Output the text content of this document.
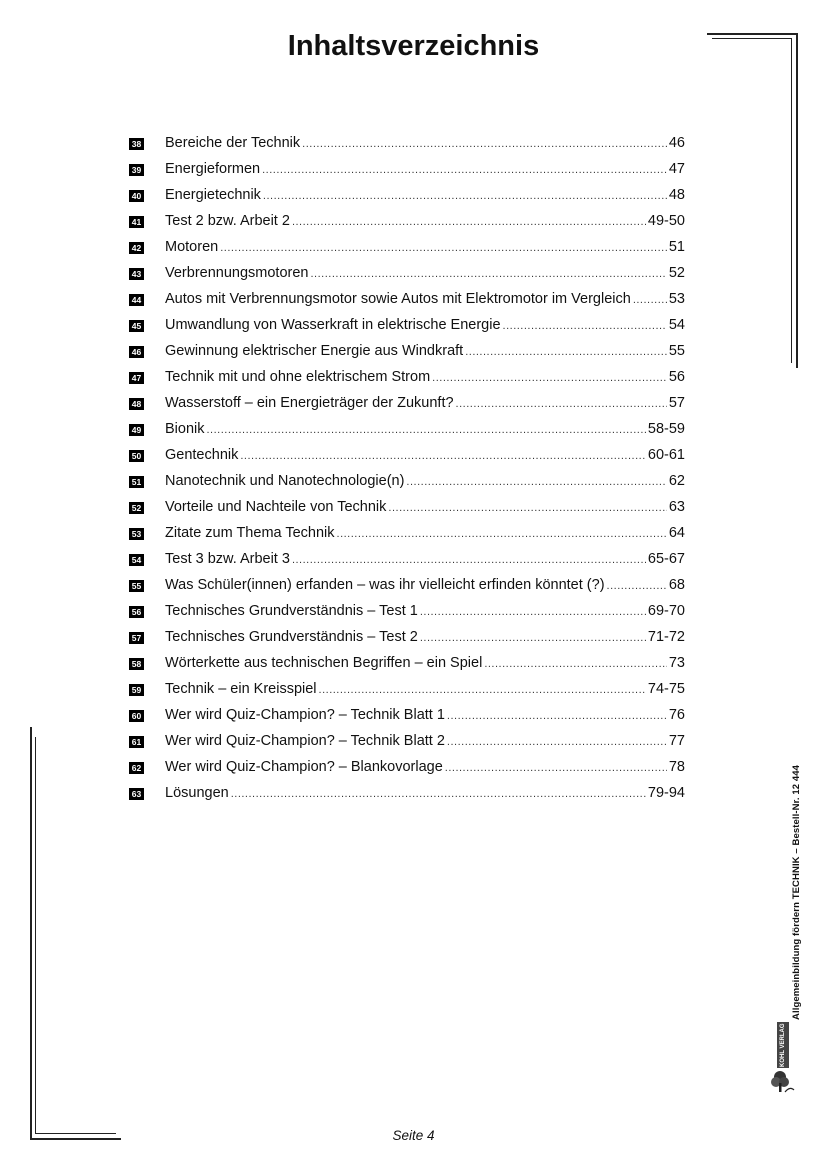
Inhaltsverzeichnis
38 Bereiche der Technik .....	46
39 Energieformen .....	47
40 Energietechnik .....	48
41 Test 2 bzw. Arbeit 2 .....	49-50
42 Motoren .....	51
43 Verbrennungsmotoren .....	52
44 Autos mit Verbrennungsmotor sowie Autos mit Elektromotor im Vergleich .....	53
45 Umwandlung von Wasserkraft in elektrische Energie .....	54
46 Gewinnung elektrischer Energie aus Windkraft .....	55
47 Technik mit und ohne elektrischem Strom .....	56
48 Wasserstoff – ein Energieträger der Zukunft? .....	57
49 Bionik .....	58-59
50 Gentechnik .....	60-61
51 Nanotechnik und Nanotechnologie(n) .....	62
52 Vorteile und Nachteile von Technik .....	63
53 Zitate zum Thema Technik .....	64
54 Test 3 bzw. Arbeit 3 .....	65-67
55 Was Schüler(innen) erfanden – was ihr vielleicht erfinden könntet (?) .....	68
56 Technisches Grundverständnis – Test 1 .....	69-70
57 Technisches Grundverständnis – Test 2 .....	71-72
58 Wörterkette aus technischen Begriffen – ein Spiel .....	73
59 Technik – ein Kreisspiel .....	74-75
60 Wer wird Quiz-Champion? – Technik Blatt 1 .....	76
61 Wer wird Quiz-Champion? – Technik Blatt 2 .....	77
62 Wer wird Quiz-Champion? – Blankovorlage .....	78
63 Lösungen .....	79-94	Allgemeinbildung fördern TECHNIK – Bestell-Nr. 12 444
KOHL VERLAG
Seite 4
